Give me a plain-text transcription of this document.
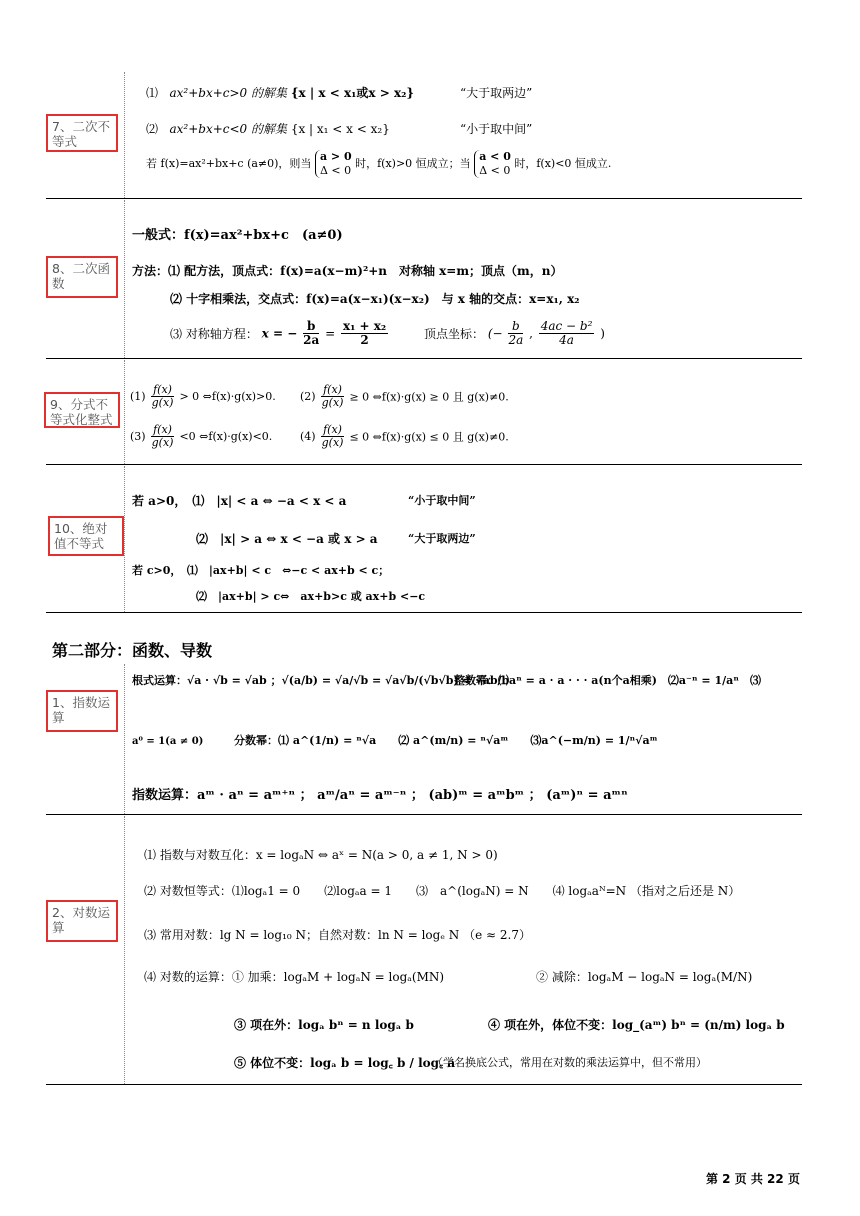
7、二次不等式
⑴ ax²+bx+c>0 的解集 {x | x < x₁或x > x₂}	“大于取两边”
⑵ ax²+bx+c<0 的解集 {x | x₁ < x < x₂}	“小于取中间”
若 f(x)=ax²+bx+c (a≠0)，则当
a > 0
Δ < 0
时，f(x)>0 恒成立；当
a < 0
Δ < 0
时，f(x)<0 恒成立.
8、二次函数
一般式：f(x)=ax²+bx+c　(a≠0)
方法：⑴ 配方法，顶点式：f(x)=a(x−m)²+n　对称轴 x=m；顶点（m，n）
⑵ 十字相乘法，交点式：f(x)=a(x−x₁)(x−x₂)　与 x 轴的交点：x=x₁, x₂
⑶ 对称轴方程： x = − $\frac{b}{2a} = \frac{\text{x₁ + x₂}}{2}$	顶点坐标： (− $\frac{b}{2a}$ , $\frac{\text{4ac − b²}}{4a}$ )
9、分式不等式化整式
$(1) \frac{f(x)}{g(x)} > 0$ ⇔f(x)·g(x)>0. $(2) \frac{f(x)}{g(x)} \ge 0$ ⇔f(x)·g(x) ≥ 0 且 g(x)≠0.
$(3) \frac{f(x)}{g(x)} <0$ ⇔f(x)·g(x)<0.	$(4) \frac{f(x)}{g(x)} \le 0$ ⇔f(x)·g(x) ≤ 0 且 g(x)≠0.
10、绝对值不等式
若 a>0，　⑴　|x| < a ⇔ −a < x < a	“小于取中间”
⑵　|x| > a ⇔ x < −a 或 x > a	“大于取两边”
若 c>0，　⑴　|ax+b| < c　⇔−c < ax+b < c；
⑵　|ax+b| > c⇔　ax+b>c 或 ax+b <−c
第二部分：函数、导数
1、指数运算
根式运算：√a · √b = √ab ；√(a/b) = √a/√b = √a√b/(√b√b) = √ab/b
整数幂：⑴aⁿ = a · a · · · a(n个a相乘)　⑵a⁻ⁿ = 1/aⁿ　⑶
a⁰ = 1(a ≠ 0)	分数幂：⑴ a^(1/n) = ⁿ√a　　⑵ a^(m/n) = ⁿ√aᵐ　　⑶a^(−m/n) = 1/ⁿ√aᵐ
指数运算：aᵐ · aⁿ = aᵐ⁺ⁿ ； aᵐ/aⁿ = aᵐ⁻ⁿ ； (ab)ᵐ = aᵐbᵐ ； (aᵐ)ⁿ = aᵐⁿ
2、对数运算
⑴ 指数与对数互化：x = logₐN ⇔ aˣ = N(a > 0, a ≠ 1, N > 0)
⑵ 对数恒等式：⑴logₐ1 = 0　　⑵logₐa = 1　　⑶　a^(logₐN) = N　　⑷ logₐaᴺ=N （指对之后还是 N）
⑶ 常用对数：lg N = log₁₀ N；自然对数：ln N = logₑ N （e ≈ 2.7）
⑷ 对数的运算：① 加乘：logₐM + logₐN = logₐ(MN)	② 减除：logₐM − logₐN = logₐ(M/N)
③ 项在外：logₐ bⁿ = n logₐ b	④ 项在外，体位不变：log_(aᵐ) bⁿ = (n/m) logₐ b
⑤ 体位不变：logₐ b = log꜀ b / log꜀ a
（学名换底公式，常用在对数的乘法运算中，但不常用）
第 2 页 共 22 页
